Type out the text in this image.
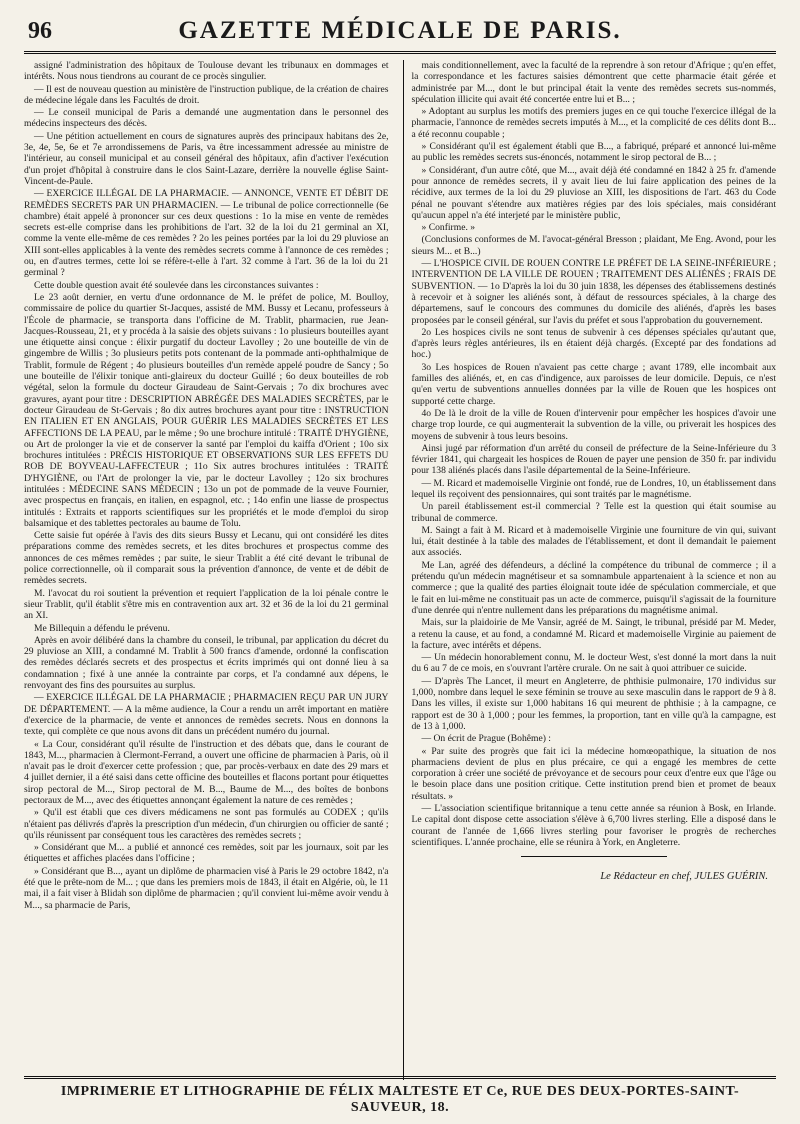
96	GAZETTE MÉDICALE DE PARIS.

assigné l'administration des hôpitaux de Toulouse devant les tribunaux en dommages et intérêts. Nous nous tiendrons au courant de ce procès singulier.

— Il est de nouveau question au ministère de l'instruction publique, de la création de chaires de médecine légale dans les Facultés de droit.

— Le conseil municipal de Paris a demandé une augmentation dans le personnel des médecins inspecteurs des décès.

— Une pétition actuellement en cours de signatures auprès des principaux habitans des 2e, 3e, 4e, 5e, 6e et 7e arrondissemens de Paris, va être incessamment adressée au ministre de l'intérieur, au conseil municipal et au conseil général des hôpitaux, afin d'activer l'exécution d'un projet d'hôpital à construire dans le clos Saint-Lazare, derrière la nouvelle église Saint-Vincent-de-Paule.

— EXERCICE ILLÉGAL DE LA PHARMACIE. — ANNONCE, VENTE ET DÉBIT DE REMÈDES SECRETS PAR UN PHARMACIEN. — Le tribunal de police correctionnelle (6e chambre) était appelé à prononcer sur ces deux questions : 1o la mise en vente de remèdes secrets est-elle comprise dans les prohibitions de l'art. 32 de la loi du 21 germinal an XI, comme la vente elle-même de ces remèdes ? 2o les peines portées par la loi du 29 pluviose an XIII sont-elles applicables à la vente des remèdes secrets comme à l'annonce de ces remèdes ; ou, en d'autres termes, cette loi se réfère-t-elle à l'art. 32 comme à l'art. 36 de la loi du 21 germinal ?

Cette double question avait été soulevée dans les circonstances suivantes :

Le 23 août dernier, en vertu d'une ordonnance de M. le préfet de police, M. Boulloy, commissaire de police du quartier St-Jacques, assisté de MM. Bussy et Lecanu, professeurs à l'École de pharmacie, se transporta dans l'officine de M. Trablit, pharmacien, rue Jean-Jacques-Rousseau, 21, et y procéda à la saisie des objets suivans : 1o plusieurs bouteilles ayant une étiquette ainsi conçue : élixir purgatif du docteur Lavolley ; 2o une bouteille de vin de gingembre de Willis ; 3o plusieurs petits pots contenant de la pommade anti-ophthalmique de Trablit, formule de Régent ; 4o plusieurs bouteilles d'un remède appelé poudre de Sancy ; 5o une bouteille de l'élixir tonique anti-glaireux du docteur Guillé ; 6o deux bouteilles de rob végétal, selon la formule du docteur Giraudeau de Saint-Gervais ; 7o dix brochures avec gravures, ayant pour titre : DESCRIPTION ABRÉGÉE DES MALADIES SECRÈTES, par le docteur Giraudeau de St-Gervais ; 8o dix autres brochures ayant pour titre : INSTRUCTION EN ITALIEN ET EN ANGLAIS, POUR GUÉRIR LES MALADIES SECRÈTES ET LES AFFECTIONS DE LA PEAU, par le même ; 9o une brochure intitulé : TRAITÉ D'HYGIÈNE, ou Art de prolonger la vie et de conserver la santé par l'emploi du kaiffa d'Orient ; 10o six brochures intitulées : PRÉCIS HISTORIQUE ET OBSERVATIONS SUR LES EFFETS DU ROB DE BOYVEAU-LAFFECTEUR ; 11o Six autres brochures intitulées : TRAITÉ D'HYGIÈNE, ou l'Art de prolonger la vie, par le docteur Lavolley ; 12o six brochures intitulées : MÉDECINE SANS MÉDECIN ; 13o un pot de pommade de la veuve Fournier, avec prospectus en français, en italien, en espagnol, etc. ; 14o enfin une liasse de prospectus intitulés : Extraits et rapports scientifiques sur les propriétés et le mode d'emploi du sirop balsamique et des tablettes pectorales au baume de Tolu.

Cette saisie fut opérée à l'avis des dits sieurs Bussy et Lecanu, qui ont considéré les dites préparations comme des remèdes secrets, et les dites brochures et prospectus comme des annonces de ces mêmes remèdes ; par suite, le sieur Trablit a été cité devant le tribunal de police correctionnelle, où il comparait sous la prévention d'annonce, de vente et de débit de remèdes secrets.

M. l'avocat du roi soutient la prévention et requiert l'application de la loi pénale contre le sieur Trablit, qu'il établit s'être mis en contravention aux art. 32 et 36 de la loi du 21 germinal an XI.

Me Billequin a défendu le prévenu.

Après en avoir délibéré dans la chambre du conseil, le tribunal, par application du décret du 29 pluviose an XIII, a condamné M. Trablit à 500 francs d'amende, ordonné la confiscation des remèdes déclarés secrets et des prospectus et écrits imprimés qui ont donné lieu à sa condamnation ; fixé à une année la contrainte par corps, et l'a condamné aux dépens, le renvoyant des fins des poursuites au surplus.

— EXERCICE ILLÉGAL DE LA PHARMACIE ; PHARMACIEN REÇU PAR UN JURY DE DÉPARTEMENT. — A la même audience, la Cour a rendu un arrêt important en matière d'exercice de la pharmacie, de vente et annonces de remèdes secrets. Nous en donnons la texte, qui complète ce que nous avons dit dans un précédent numéro du journal.

« La Cour, considérant qu'il résulte de l'instruction et des débats que, dans le courant de 1843, M..., pharmacien à Clermont-Ferrand, a ouvert une officine de pharmacien à Paris, où il n'avait pas le droit d'exercer cette profession ; que, par procès-verbaux en date des 29 mars et 4 juillet dernier, il a été saisi dans cette officine des bouteilles et flacons portant pour étiquettes sirop pectoral de M..., Sirop pectoral de M. B..., Baume de M..., des boîtes de bonbons pectoraux de M..., avec des étiquettes annonçant également la nature de ces remèdes ;

» Qu'il est établi que ces divers médicamens ne sont pas formulés au CODEX ; qu'ils n'étaient pas délivrés d'après la prescription d'un médecin, d'un chirurgien ou officier de santé ; qu'ils réunissent par conséquent tous les caractères des remèdes secrets ;

» Considérant que M... a publié et annoncé ces remèdes, soit par les journaux, soit par les étiquettes et affiches placées dans l'officine ;

» Considérant que B..., ayant un diplôme de pharmacien visé à Paris le 29 octobre 1842, n'a été que le prête-nom de M... ; que dans les premiers mois de 1843, il était en Algérie, où, le 11 mai, il a fait viser à Blidah son diplôme de pharmacien ; qu'il convient lui-même avoir vendu à M..., sa pharmacie de Paris,

mais conditionnellement, avec la faculté de la reprendre à son retour d'Afrique ; qu'en effet, la correspondance et les factures saisies démontrent que cette pharmacie était gérée et administrée par M..., dont le but principal était la vente des remèdes secrets sus-nommés, spéculation illicite qui avait été concertée entre lui et B... ;

» Adoptant au surplus les motifs des premiers juges en ce qui touche l'exercice illégal de la pharmacie, l'annonce de remèdes secrets imputés à M..., et la complicité de ces délits dont B... a été reconnu coupable ;

» Considérant qu'il est également établi que B..., a fabriqué, préparé et annoncé lui-même au public les remèdes secrets sus-énoncés, notamment le sirop pectoral de B... ;

» Considérant, d'un autre côté, que M..., avait déjà été condamné en 1842 à 25 fr. d'amende pour annonce de remèdes secrets, il y avait lieu de lui faire application des peines de la récidive, aux termes de la loi du 29 pluviose an XIII, les dispositions de l'art. 463 du Code pénal ne pouvant s'étendre aux matières régies par des lois spéciales, mais considérant qu'aucun appel n'a été interjeté par le ministère public,

» Confirme. »

(Conclusions conformes de M. l'avocat-général Bresson ; plaidant, Me Eng. Avond, pour les sieurs M... et B...)

— L'HOSPICE CIVIL DE ROUEN CONTRE LE PRÉFET DE LA SEINE-INFÉRIEURE ; INTERVENTION DE LA VILLE DE ROUEN ; TRAITEMENT DES ALIÉNÉS ; FRAIS DE SUBVENTION. — 1o D'après la loi du 30 juin 1838, les dépenses des établissemens destinés à recevoir et à soigner les aliénés sont, à défaut de ressources spéciales, à la charge des départemens, sauf le concours des communes du domicile des aliénés, d'après les bases proposées par le conseil général, sur l'avis du préfet et sous l'approbation du gouvernement.

2o Les hospices civils ne sont tenus de subvenir à ces dépenses spéciales qu'autant que, d'après leurs règles antérieures, ils en étaient déjà chargés. (Excepté par des fondations ad hoc.)

3o Les hospices de Rouen n'avaient pas cette charge ; avant 1789, elle incombait aux familles des aliénés, et, en cas d'indigence, aux paroisses de leur domicile. Depuis, ce n'est qu'en vertu de subventions annuelles données par la ville de Rouen que les hospices ont supporté cette charge.

4o De là le droit de la ville de Rouen d'intervenir pour empêcher les hospices d'avoir une charge trop lourde, ce qui augmenterait la subvention de la ville, ou priverait les hospices des moyens de subvenir à tous leurs besoins.

Ainsi jugé par réformation d'un arrêté du conseil de préfecture de la Seine-Inférieure du 3 février 1841, qui chargeait les hospices de Rouen de payer une pension de 350 fr. par individu pour 138 aliénés placés dans l'asile départemental de la Seine-Inférieure.

— M. Ricard et mademoiselle Virginie ont fondé, rue de Londres, 10, un établissement dans lequel ils reçoivent des pensionnaires, qui sont traités par le magnétisme.

Un pareil établissement est-il commercial ? Telle est la question qui était soumise au tribunal de commerce.

M. Saingt a fait à M. Ricard et à mademoiselle Virginie une fourniture de vin qui, suivant lui, était destinée à la table des malades de l'établissement, et dont il demandait le paiement aux associés.

Me Lan, agréé des défendeurs, a décliné la compétence du tribunal de commerce ; il a prétendu qu'un médecin magnétiseur et sa somnambule appartenaient à la science et non au commerce ; que la qualité des parties éloignait toute idée de spéculation commerciale, et que le fait en lui-même ne constituait pas un acte de commerce, puisqu'il s'agissait de la fourniture d'une denrée qui n'entre nullement dans les préparations du magnétisme animal.

Mais, sur la plaidoirie de Me Vansir, agréé de M. Saingt, le tribunal, présidé par M. Meder, a retenu la cause, et au fond, a condamné M. Ricard et mademoiselle Virginie au paiement de la facture, avec intérêts et dépens.

— Un médecin honorablement connu, M. le docteur West, s'est donné la mort dans la nuit du 6 au 7 de ce mois, en s'ouvrant l'artère crurale. On ne sait à quoi attribuer ce suicide.

— D'après The Lancet, il meurt en Angleterre, de phthisie pulmonaire, 170 individus sur 1,000, nombre dans lequel le sexe féminin se trouve au sexe masculin dans le rapport de 9 à 8. Dans les villes, il existe sur 1,000 habitans 16 qui meurent de phthisie ; à la campagne, ce rapport est de 30 à 1,000 ; pour les femmes, la proportion, tant en ville qu'à la campagne, est de 13 à 1,000.

— On écrit de Prague (Bohême) :

« Par suite des progrès que fait ici la médecine homœopathique, la situation de nos pharmaciens devient de plus en plus précaire, ce qui a engagé les membres de cette corporation à créer une société de prévoyance et de secours pour ceux d'entre eux que l'âge ou le besoin place dans une position critique. Cette institution prend bien et promet de beaux résultats. »

— L'association scientifique britannique a tenu cette année sa réunion à Bosk, en Irlande. Le capital dont dispose cette association s'élève à 6,700 livres sterling. Elle a disposé dans le courant de l'année de 1,666 livres sterling pour favoriser le progrès de recherches scientifiques. L'année prochaine, elle se réunira à York, en Angleterre.

Le Rédacteur en chef, JULES GUÉRIN.
IMPRIMERIE ET LITHOGRAPHIE DE FÉLIX MALTESTE ET Ce, RUE DES DEUX-PORTES-SAINT-SAUVEUR, 18.
